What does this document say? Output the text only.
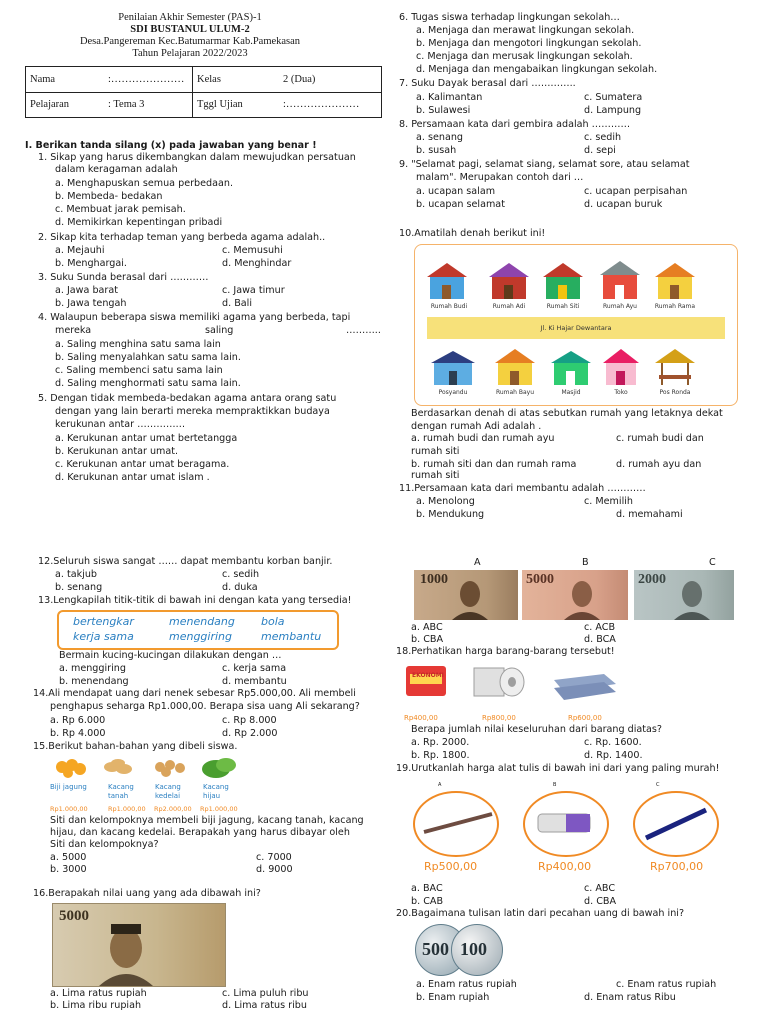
Penilaian Akhir Semester (PAS)-1
SDI BUSTANUL ULUM-2
Desa.Pangereman Kec.Batumarmar Kab.Pamekasan
Tahun Pelajaran 2022/2023
Nama	:…………………	Kelas	2 (Dua)
Pelajaran	: Tema 3	Tggl Ujian	:…………………
I. Berikan tanda silang (x) pada jawaban yang benar !
1. Sikap yang harus dikembangkan dalam mewujudkan persatuan
dalam keragaman adalah
a. Menghapuskan semua perbedaan.
b. Membeda- bedakan
c. Membuat jarak pemisah.
d. Memikirkan kepentingan pribadi
2. Sikap kita terhadap teman yang berbeda agama adalah..
a. Mejauhi	c. Memusuhi
b. Menghargai.	d. Menghindar
3. Suku Sunda berasal dari …………
a. Jawa barat	c. Jawa timur
b. Jawa tengah	d. Bali
4. Walaupun beberapa siswa memiliki agama yang berbeda, tapi
mereka	saling	………..
a. Saling menghina satu sama lain
b. Saling menyalahkan satu sama lain.
c. Saling membenci satu sama lain
d. Saling menghormati satu sama lain.
5. Dengan tidak membeda-bedakan agama antara orang satu
dengan yang lain berarti mereka mempraktikkan budaya
kerukunan antar ……………
a. Kerukunan antar umat bertetangga
b. Kerukunan antar umat.
c. Kerukunan antar umat beragama.
d. Kerukunan antar umat islam .
6. Tugas siswa terhadap lingkungan sekolah…
a. Menjaga dan merawat lingkungan sekolah.
b. Menjaga dan mengotori lingkungan sekolah.
c. Menjaga dan merusak lingkungan sekolah.
d. Menjaga dan mengabaikan lingkungan sekolah.
7. Suku Dayak berasal dari …………..
a. Kalimantan	c. Sumatera
b. Sulawesi	d. Lampung
8. Persamaan kata dari gembira adalah …………
a. senang	c. sedih
b. susah	d. sepi
9. "Selamat pagi, selamat siang, selamat sore, atau selamat
malam". Merupakan contoh dari …
a. ucapan salam	c. ucapan perpisahan
b. ucapan selamat	d. ucapan buruk
10.Amatilah denah berikut ini!
Rumah Budi	Rumah Adi	Rumah Siti	Rumah Ayu	Rumah Rama
Jl. Ki Hajar Dewantara
Posyandu	Rumah Bayu	Masjid	Toko	Pos Ronda
Berdasarkan denah di atas sebutkan rumah yang letaknya dekat
dengan rumah Adi adalah .
a. rumah budi dan rumah ayu	c. rumah budi dan
rumah siti
b. rumah siti dan dan rumah rama	d. rumah ayu dan
rumah siti
11.Persamaan kata dari membantu adalah …………
a. Menolong	c. Memilih
b. Mendukung	d. memahami
12.Seluruh siswa sangat …… dapat membantu korban banjir.
a. takjub	c. sedih
b. senang	d. duka
13.Lengkapilah titik-titik di bawah ini dengan kata yang tersedia!
bertengkar	menendang bola
kerja sama	menggiring	membantu
Bermain kucing-kucingan dilakukan dengan …
a. menggiring	c. kerja sama
b. menendang	d. membantu
14.Ali mendapat uang dari nenek sebesar Rp5.000,00. Ali membeli
penghapus seharga Rp1.000,00. Berapa sisa uang Ali sekarang?
a. Rp 6.000	c. Rp 8.000
b. Rp 4.000	d. Rp 2.000
15.Berikut bahan-bahan yang dibeli siswa.
Biji jagung	Kacang tanah
Kacang kedelai
Kacang hijau
Rp1.000,00	Rp1.000,00 Rp2.000,00 Rp1.000,00
Siti dan kelompoknya membeli biji jagung, kacang tanah, kacang
hijau, dan kacang kedelai. Berapakah yang harus dibayar oleh
Siti dan kelompoknya?
a. 5000	c. 7000
b. 3000	d. 9000
16.Berapakah nilai uang yang ada dibawah ini?
5000
a. Lima ratus rupiah	c. Lima puluh ribu
b. Lima ribu rupiah	d. Lima ratus ribu
A	B	C
1000	5000	2000
a. ABC	c. ACB
b. CBA	d. BCA
18.Perhatikan harga barang-barang tersebut!
EKONOMI
Rp400,00	Rp800,00	Rp600,00
Berapa jumlah nilai keseluruhan dari barang diatas?
a. Rp. 2000.	c. Rp. 1600.
b. Rp. 1800.	d. Rp. 1400.
19.Urutkanlah harga alat tulis di bawah ini dari yang paling murah!
A	B	C
Rp500,00	Rp400,00	Rp700,00
a. BAC	c. ABC
b. CAB	d. CBA
20.Bagaimana tulisan latin dari pecahan uang di bawah ini?
500 100
a. Enam ratus rupiah	c. Enam ratus rupiah
b. Enam rupiah	d. Enam ratus Ribu
